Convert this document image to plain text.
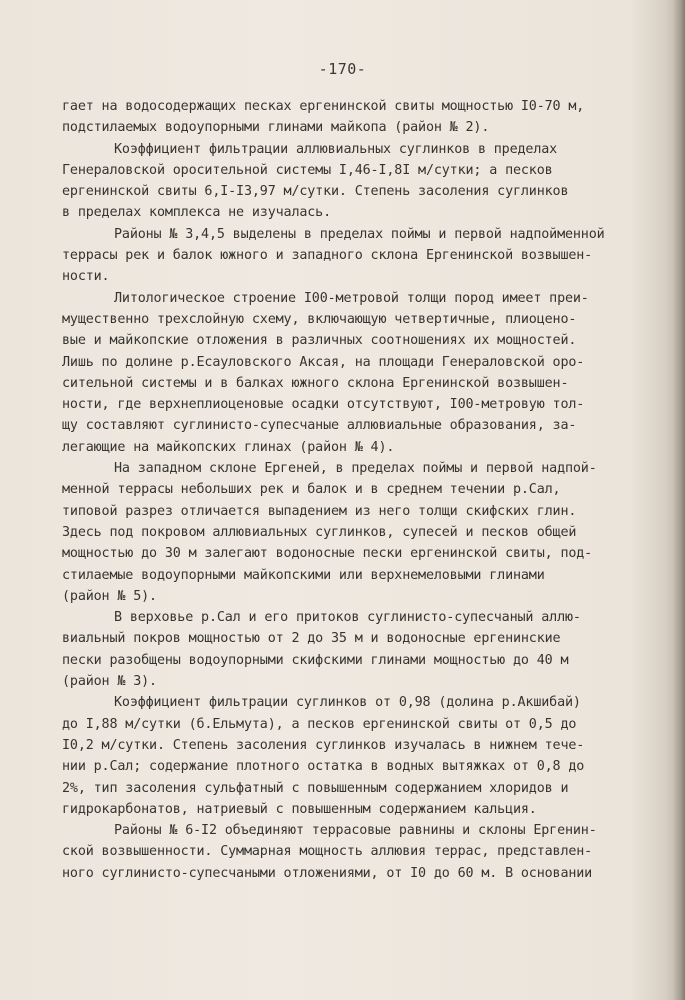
-170-
гает на водосодержащих песках ергенинской свиты мощностью I0-70 м,
подстилаемых водоупорными глинами майкопа (район № 2).
Коэффициент фильтрации аллювиальных суглинков в пределах
Генераловской оросительной системы I,46-I,8I м/сутки; а песков
ергенинской свиты 6,I-I3,97 м/сутки. Степень засоления суглинков
в пределах комплекса не изучалась.
Районы № 3,4,5 выделены в пределах поймы и первой надпойменной
террасы рек и балок южного и западного склона Ергенинской возвышен-
ности.
Литологическое строение I00-метровой толщи пород имеет преи-
мущественно трехслойную схему, включающую четвертичные, плиоцено-
вые и майкопские отложения в различных соотношениях их мощностей.
Лишь по долине р.Есауловского Аксая, на площади Генераловской оро-
сительной системы и в балках южного склона Ергенинской возвышен-
ности, где верхнеплиоценовые осадки отсутствуют, I00-метровую тол-
щу составляют суглинисто-супесчаные аллювиальные образования, за-
легающие на майкопских глинах (район № 4).
На западном склоне Ергеней, в пределах поймы и первой надпой-
менной террасы небольших рек и балок и в среднем течении р.Сал,
типовой разрез отличается выпадением из него толщи скифских глин.
Здесь под покровом аллювиальных суглинков, супесей и песков общей
мощностью до 30 м залегают водоносные пески ергенинской свиты, под-
стилаемые водоупорными майкопскими или верхнемеловыми глинами
(район № 5).
В верховье р.Сал и его притоков суглинисто-супесчаный аллю-
виальный покров мощностью от 2 до 35 м и водоносные ергенинские
пески разобщены водоупорными скифскими глинами мощностью до 40 м
(район № 3).
Коэффициент фильтрации суглинков от 0,98 (долина р.Акшибай)
до I,88 м/сутки (б.Ельмута), а песков ергенинской свиты от 0,5 до
I0,2 м/сутки. Степень засоления суглинков изучалась в нижнем тече-
нии р.Сал; содержание плотного остатка в водных вытяжках от 0,8 до
2%, тип засоления сульфатный с повышенным содержанием хлоридов и
гидрокарбонатов, натриевый с повышенным содержанием кальция.
Районы № 6-I2 объединяют террасовые равнины и склоны Ергенин-
ской возвышенности. Суммарная мощность аллювия террас, представлен-
ного суглинисто-супесчаными отложениями, от I0 до 60 м. В основании
